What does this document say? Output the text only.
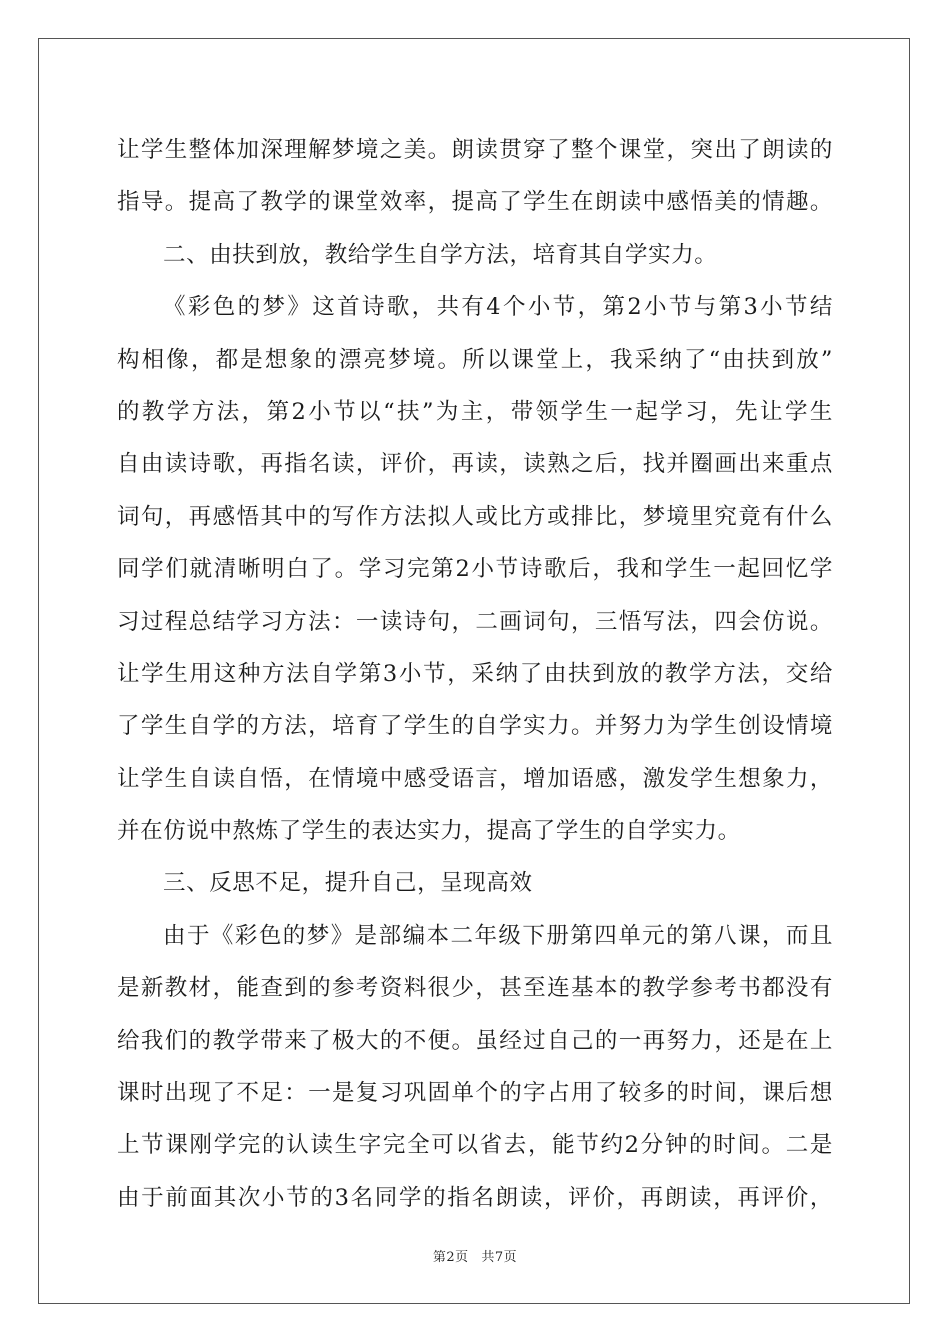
让学生整体加深理解梦境之美。朗读贯穿了整个课堂，突出了朗读的
指导。提高了教学的课堂效率，提高了学生在朗读中感悟美的情趣。
二、由扶到放，教给学生自学方法，培育其自学实力。
《彩色的梦》这首诗歌，共有4个小节，第2小节与第3小节结
构相像，都是想象的漂亮梦境。所以课堂上，我采纳了“由扶到放”
的教学方法，第2小节以“扶”为主，带领学生一起学习，先让学生
自由读诗歌，再指名读，评价，再读，读熟之后，找并圈画出来重点
词句，再感悟其中的写作方法拟人或比方或排比，梦境里究竟有什么
同学们就清晰明白了。学习完第2小节诗歌后，我和学生一起回忆学
习过程总结学习方法：一读诗句，二画词句，三悟写法，四会仿说。
让学生用这种方法自学第3小节，采纳了由扶到放的教学方法，交给
了学生自学的方法，培育了学生的自学实力。并努力为学生创设情境
让学生自读自悟，在情境中感受语言，增加语感，激发学生想象力，
并在仿说中熬炼了学生的表达实力，提高了学生的自学实力。
三、反思不足，提升自己，呈现高效
由于《彩色的梦》是部编本二年级下册第四单元的第八课，而且
是新教材，能查到的参考资料很少，甚至连基本的教学参考书都没有
给我们的教学带来了极大的不便。虽经过自己的一再努力，还是在上
课时出现了不足：一是复习巩固单个的字占用了较多的时间，课后想
上节课刚学完的认读生字完全可以省去，能节约2分钟的时间。二是
由于前面其次小节的3名同学的指名朗读，评价，再朗读，再评价，
第2页 共7页
